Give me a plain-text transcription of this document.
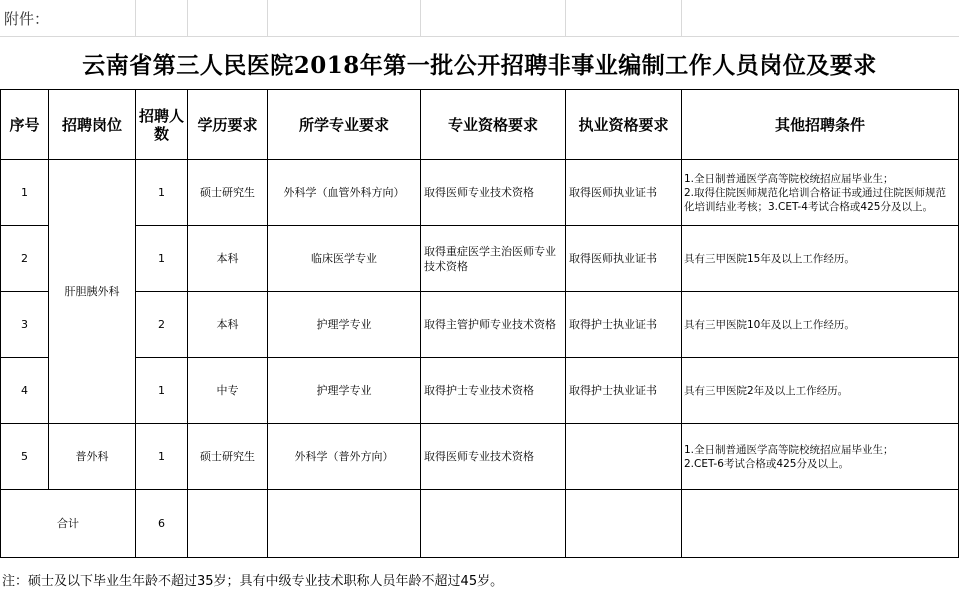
附件：
云南省第三人民医院2018年第一批公开招聘非事业编制工作人员岗位及要求
序号	招聘岗位	招聘人数	学历要求	所学专业要求	专业资格要求	执业资格要求	其他招聘条件
1	肝胆胰外科	1	硕士研究生	外科学（血管外科方向）	取得医师专业技术资格	取得医师执业证书	1.全日制普通医学高等院校统招应届毕业生；
2.取得住院医师规范化培训合格证书或通过住院医师规范化培训结业考核；3.CET-4考试合格或425分及以上。
2		1	本科	临床医学专业	取得重症医学主治医师专业技术资格	取得医师执业证书	具有三甲医院15年及以上工作经历。
3		2	本科	护理学专业	取得主管护师专业技术资格	取得护士执业证书	具有三甲医院10年及以上工作经历。
4		1	中专	护理学专业	取得护士专业技术资格	取得护士执业证书	具有三甲医院2年及以上工作经历。
5	普外科	1	硕士研究生	外科学（普外方向）	取得医师专业技术资格		1.全日制普通医学高等院校统招应届毕业生；
2.CET-6考试合格或425分及以上。
合计		6					
注：硕士及以下毕业生年龄不超过35岁；具有中级专业技术职称人员年龄不超过45岁。
